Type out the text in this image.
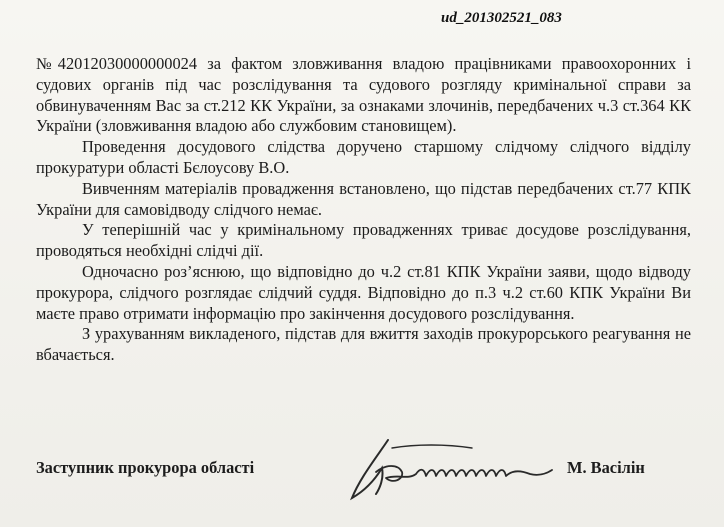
ud_201302521_083

№42012030000000024 за фактом зловживання владою працівниками правоохоронних і судових органів під час розслідування та судового розгляду кримінальної справи за обвинуваченням Вас за ст.212 КК України, за ознаками злочинів, передбачених ч.3 ст.364 КК України (зловживання владою або службовим становищем).

Проведення досудового слідства доручено старшому слідчому слідчого відділу прокуратури області Бєлоусову В.О.

Вивченням матеріалів провадження встановлено, що підстав передбачених ст.77 КПК України для самовідводу слідчого немає.

У теперішній час у кримінальному провадженнях триває досудове розслідування, проводяться необхідні слідчі дії.

Одночасно роз’яснюю, що відповідно до ч.2 ст.81 КПК України заяви, щодо відводу прокурора, слідчого розглядає слідчий суддя. Відповідно до п.3 ч.2 ст.60 КПК України Ви маєте право отримати інформацію про закінчення досудового розслідування.

З урахуванням викладеного, підстав для вжиття заходів прокурорського реагування не вбачається.

Заступник прокурора області	М. Васілін
